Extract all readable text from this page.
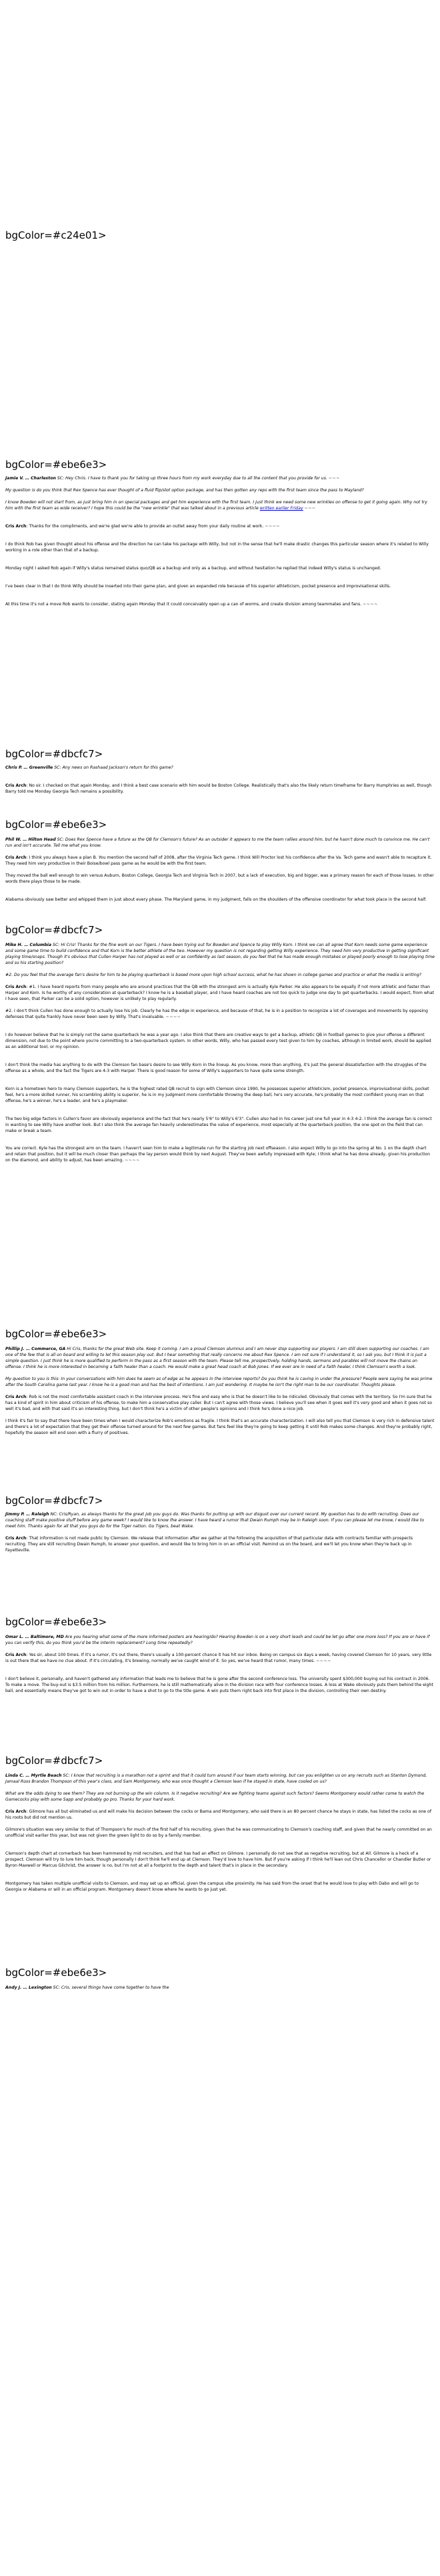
bgColor=#c24e01>

bgColor=#ebe6e3>

Jamie V. … Charleston SC: Hey Chris. I have to thank you for taking up three hours from my work everyday due to all the content that you provide for us. ~~~

My question is do you think that Rex Spence has ever thought of a fluid flip/slot option package, and has then gotten any reps with the first team since the pass to Mayland?

I know Bowden will not start from, as just bring him in on special packages and get him experience with the first team. I just think we need some new wrinkles on offense to get it going again. Why not try him with the first team as wide receiver? I hope this could be the "new wrinkle" that was talked about in a previous article written earlier Friday ~~~

Cris Arch: Thanks for the compliments, and we're glad we're able to provide an outlet away from your daily routine at work. ~~~~

I do think Rob has given thought about his offense and the direction he can take his package with Willy, but not in the sense that he'll make drastic changes this particular season where it's related to Willy working in a role other than that of a backup.

Monday night I asked Rob again if Willy's status remained status quo/QB as a backup and only as a backup, and without hesitation he replied that indeed Willy's status is unchanged.

I've been clear in that I do think Willy should be inserted into their game plan, and given an expanded role because of his superior athleticism, pocket presence and improvisational skills.

At this time it's not a move Rob wants to consider, stating again Monday that it could conceivably open up a can of worms, and create division among teammates and fans. ~~~~

bgColor=#dbcfc7>

Chris P. … Greenville SC: Any news on Rashaad Jackson's return for this game?

Cris Arch: No sir. I checked on that again Monday, and I think a best case scenario with him would be Boston College. Realistically that's also the likely return timeframe for Barry Humphries as well, though Barry told me Monday Georgia Tech remains a possibility.

bgColor=#ebe6e3>

Phil W. … Hilton Head SC: Does Rex Spence have a future as the QB for Clemson's future? As an outsider it appears to me the team rallies around him, but he hasn't done much to convince me. He can't run and isn't accurate. Tell me what you know.

Cris Arch: I think you always have a plan B. You mention the second half of 2008, after the Virginia Tech game. I think Will Proctor lost his confidence after the Va. Tech game and wasn't able to recapture it. They need him very productive in their Boise/bowl pass game as he would be with the first team.

They moved the ball well enough to win versus Auburn, Boston College, Georgia Tech and Virginia Tech in 2007, but a lack of execution, big and bigger, was a primary reason for each of those losses. In other words there plays those to be made.

Alabama obviously saw better and whipped them in just about every phase. The Maryland game, in my judgment, falls on the shoulders of the offensive coordinator for what took place in the second half.

bgColor=#dbcfc7>

Mike H. … Columbia SC: Hi Cris! Thanks for the fine work on our Tigers. I have been trying out for Bowden and Spence to play Willy Korn. I think we can all agree that Korn needs some game experience and some game time to build confidence and that Korn is the better athlete of the two. However my question is not regarding getting Willy experience. They need him very productive in getting significant playing time/snaps. Though it's obvious that Cullen Harper has not played as well or as confidently as last season, do you feel that he has made enough mistakes or played poorly enough to lose playing time and so his starting position?

#2. Do you feel that the average fan's desire for him to be playing quarterback is based more upon high school success, what he has shown in college games and practice or what the media is writing?

Cris Arch: #1. I have heard reports from many people who are around practices that the QB with the strongest arm is actually Kyle Parker. He also appears to be equally if not more athletic and faster than Harper and Korn. Is he worthy of any consideration at quarterback? I know he is a baseball player, and I have heard coaches are not too quick to judge one day to get quarterbacks. I would expect, from what I have seen, that Parker can be a solid option, however is unlikely to play regularly.

#2. I don't think Cullen has done enough to actually lose his job. Clearly he has the edge in experience, and because of that, he is in a position to recognize a lot of coverages and movements by opposing defenses that quite frankly have never been seen by Willy. That's invaluable. ~~~~

I do however believe that he is simply not the same quarterback he was a year ago. I also think that there are creative ways to get a backup, athletic QB in football games to give your offense a different dimension, not due to the point where you're committing to a two-quarterback system. In other words, Willy, who has passed every test given to him by coaches, although in limited work, should be applied as an additional tool, or my opinion.

I don't think the media has anything to do with the Clemson fan base's desire to see Willy Korn in the lineup. As you know, more than anything, it's just the general dissatisfaction with the struggles of the offense as a whole, and the fact the Tigers are 4-3 with Harper. There is good reason for some of Willy's supporters to have quite some strength.

Korn is a hometown hero to many Clemson supporters, he is the highest rated QB recruit to sign with Clemson since 1990, he possesses superior athleticism, pocket presence, improvisational skills, pocket feel, he's a more skilled runner, his scrambling ability is superior, he is in my judgment more comfortable throwing the deep ball, he's very accurate, he's probably the most confident young man on that offense, he's a winner, he's a leader, and he's a playmaker.

The two big edge factors in Cullen's favor are obviously experience and the fact that he's nearly 5'6" to Willy's 6'3". Cullen also had in his career just one full year in 4-3 4-2. I think the average fan is correct in wanting to see Willy have another look. But I also think the average fan heavily underestimates the value of experience, most especially at the quarterback position, the one spot on the field that can make or break a team.

You are correct. Kyle has the strongest arm on the team. I haven't seen him to make a legitimate run for the starting job next offseason. I also expect Willy to go into the spring at No. 1 on the depth chart and retain that position, but it will be much closer than perhaps the lay person would think by next August. They've been awfully impressed with Kyle; I think what he has done already, given his production on the diamond, and ability to adjust, has been amazing. ~~~~

bgColor=#ebe6e3>

Phillip J. … Commerce, GA Hi Cris, thanks for the great Web site. Keep it coming. I am a proud Clemson alumnus and I am never stop supporting our players. I am still down supporting our coaches. I am one of the few that is all on board and willing to let this season play out. But I hear something that really concerns me about Rex Spence. I am not sure if I understand it, so I ask you, but I think it is just a simple question. I just think he is more qualified to perform in the pass as a first season with the team. Please tell me, prospectively, holding hands, sermons and parables will not move the chains on offense. I think he is more interested in becoming a faith healer than a coach. He would make a great head coach at Bob Jones. If we ever are in need of a faith healer, I think Clemson's worth a look.

My question to you is this: In your conversations with him does he seem as of edge as he appears in the interview reports? Do you think he is caving in under the pressure? People were saying he was prime after the South Carolina game last year. I know he is a good man and has the best of intentions. I am just wondering. It maybe he isn't the right man to be our coordinator. Thoughts please.

Cris Arch: Rob is not the most comfortable assistant coach in the interview process. He's fine and easy who is that he doesn't like to be ridiculed. Obviously that comes with the territory. So I'm sure that he has a kind of spirit in him about criticism of his offense, to make him a conservative play caller. But I can't agree with those views. I believe you'll see when it goes well it's very good and when it goes not so well it's bad, and with that said it's an interesting thing, but I don't think he's a victim of other people's opinions and I think he's done a nice job.

I think it's fair to say that there have been times when I would characterize Rob's emotions as fragile. I think that's an accurate characterization. I will also tell you that Clemson is very rich in defensive talent and there's a lot of expectation that they get their offense turned around for the next few games. But fans feel like they're going to keep getting it until Rob makes some changes. And they're probably right, hopefully the season will end soon with a flurry of positives.

bgColor=#dbcfc7>

Jimmy P. … Raleigh NC: Cris/Ryan, as always thanks for the great job you guys do. Was thanks for putting up with our disgust over our current record. My question has to do with recruiting. Does our coaching staff make positive stuff before any game week? I would like to know the answer. I have heard a rumor that Dwain Rumph may be in Raleigh soon. If you can please let me know, I would like to meet him. Thanks again for all that you guys do for the Tiger nation. Go Tigers, beat Wake.

Cris Arch: That information is not made public by Clemson. We release that information after we gather at the following the acquisition of that particular data with contracts familiar with prospects recruiting. They are still recruiting Dwain Rumph, to answer your question, and would like to bring him in on an official visit. Remind us on the board, and we'll let you know when they're back up in Fayetteville.

bgColor=#ebe6e3>

Omar L. … Baltimore, MD Are you hearing what some of the more informed posters are hearing/do? Hearing Bowden is on a very short leash and could be let go after one more loss? If you are or have if you can verify this, do you think you'd be the interim replacement? Long time repeatedly?

Cris Arch: Yes sir, about 100 times. If it's a rumor, it's out there, there's usually a 100-percent chance it has hit our inbox. Being on campus six days a week, having covered Clemson for 10 years, very little is out there that we have no clue about. If it's circulating, it's brewing, normally we've caught wind of it. So yes, we've heard that rumor, many times. ~~~~

I don't believe it, personally, and haven't gathered any information that leads me to believe that he is gone after the second conference loss. The university spent $300,000 buying out his contract in 2006. To make a move. The buy-out is $3.5 million from his million. Furthermore, he is still mathematically alive in the division race with four conference losses. A loss at Wake obviously puts them behind the eight ball, and essentially means they've got to win out in order to have a shot to go to the title game. A win puts them right back into first place in the division, controlling their own destiny.

bgColor=#dbcfc7>

Linda C. … Myrtle Beach SC: I know that recruiting is a marathon not a sprint and that it could turn around if our team starts winning, but can you enlighten us on any recruits such as Stanton Dymond, Jamaal Ross Brandon Thompson of this year's class, and Sam Montgomery, who was once thought a Clemson lean if he stayed in state, have cooled on us?

What are the odds dying to see them? They are not burning up the win column. Is it negative recruiting? Are we fighting teams against such factors? Seems Montgomery would rather come to watch the Gamecocks play with some Sapp and probably go pro. Thanks for your hard work.

Cris Arch: Gilmore has all but eliminated us and will make his decision between the cocks or Bama and Montgomery, who said there is an 80 percent chance he stays in state, has listed the cocks as one of his roots but did not mention us.

Gilmore's situation was very similar to that of Thompson's for much of the first half of his recruiting, given that he was communicating to Clemson's coaching staff, and given that he nearly committed on an unofficial visit earlier this year, but was not given the green light to do so by a family member.

Clemson's depth chart at cornerback has been hammered by mid recruiters, and that has had an effect on Gilmore. I personally do not see that as negative recruiting, but at All. Gilmore is a heck of a prospect. Clemson will try to lure him back, though personally I don't think he'll end up at Clemson. They'd love to have him. But if you're asking if I think he'll lean out Chris Chancellor or Chandler Butler or Byron Maxwell or Marcus Gilchrist, the answer is no, but I'm not at all a footprint to the depth and talent that's in place in the secondary.

Montgomery has taken multiple unofficial visits to Clemson, and may set up an official, given the campus vibe proximity. He has said from the onset that he would love to play with Dabo and will go to Georgia or Alabama or will in an official program. Montgomery doesn't know where he wants to go just yet.

bgColor=#ebe6e3>

Andy J. … Lexington SC: Cris, several things have come together to have the
